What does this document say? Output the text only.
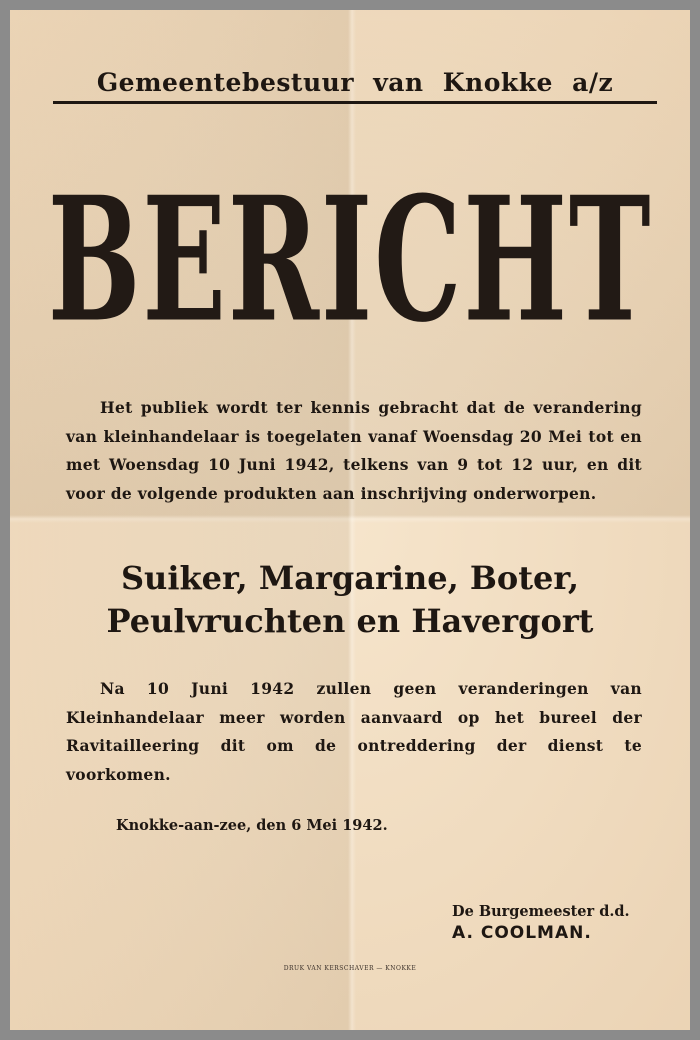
Gemeentebestuur van Knokke a/z
BERICHT
Het publiek wordt ter kennis gebracht dat de verandering van kleinhandelaar is toegelaten vanaf Woensdag 20 Mei tot en met Woensdag 10 Juni 1942, telkens van 9 tot 12 uur, en dit voor de volgende produkten aan inschrijving onderworpen.
Suiker, Margarine, Boter,
Peulvruchten en Havergort
Na 10 Juni 1942 zullen geen veranderingen van Kleinhandelaar meer worden aanvaard op het bureel der Ravitailleering dit om de ontreddering der dienst te voorkomen.
Knokke-aan-zee, den 6 Mei 1942.
De Burgemeester d.d.
A. COOLMAN.
DRUK VAN KERSCHAVER — KNOKKE
